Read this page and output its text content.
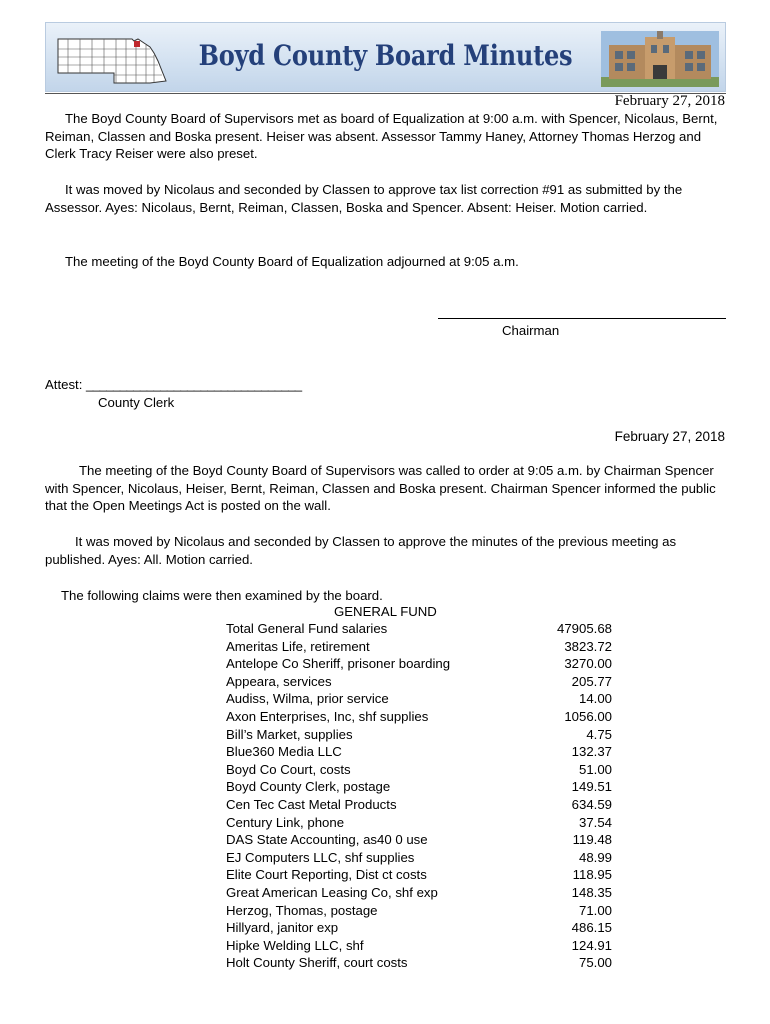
Boyd County Board Minutes
February 27, 2018
The Boyd County Board of Supervisors met as board of Equalization at 9:00 a.m. with Spencer, Nicolaus, Bernt, Reiman, Classen and Boska present. Heiser was absent. Assessor Tammy Haney, Attorney Thomas Herzog and Clerk Tracy Reiser were also preset.
It was moved by Nicolaus and seconded by Classen to approve tax list correction #91 as submitted by the Assessor. Ayes: Nicolaus, Bernt, Reiman, Classen, Boska and Spencer. Absent: Heiser. Motion carried.
The meeting of the Boyd County Board of Equalization adjourned at 9:05 a.m.
Chairman
Attest: ________________________________
County Clerk
February 27, 2018
The meeting of the Boyd County Board of Supervisors was called to order at 9:05 a.m. by Chairman Spencer with Spencer, Nicolaus, Heiser, Bernt, Reiman, Classen and Boska present. Chairman Spencer informed the public that the Open Meetings Act is posted on the wall.
It was moved by Nicolaus and seconded by Classen to approve the minutes of the previous meeting as published. Ayes: All. Motion carried.
The following claims were then examined by the board.
GENERAL FUND
Total General Fund salaries	47905.68
Ameritas Life, retirement	3823.72
Antelope Co Sheriff, prisoner boarding	3270.00
Appeara, services	205.77
Audiss, Wilma, prior service	14.00
Axon Enterprises, Inc, shf supplies	1056.00
Bill’s Market, supplies	4.75
Blue360 Media LLC	132.37
Boyd Co Court, costs	51.00
Boyd County Clerk, postage	149.51
Cen Tec Cast Metal Products	634.59
Century Link, phone	37.54
DAS State Accounting, as40 0 use	119.48
EJ Computers LLC, shf supplies	48.99
Elite Court Reporting, Dist ct costs	118.95
Great American Leasing Co, shf exp	148.35
Herzog, Thomas, postage	71.00
Hillyard, janitor exp	486.15
Hipke Welding LLC, shf	124.91
Holt County Sheriff, court costs	75.00
